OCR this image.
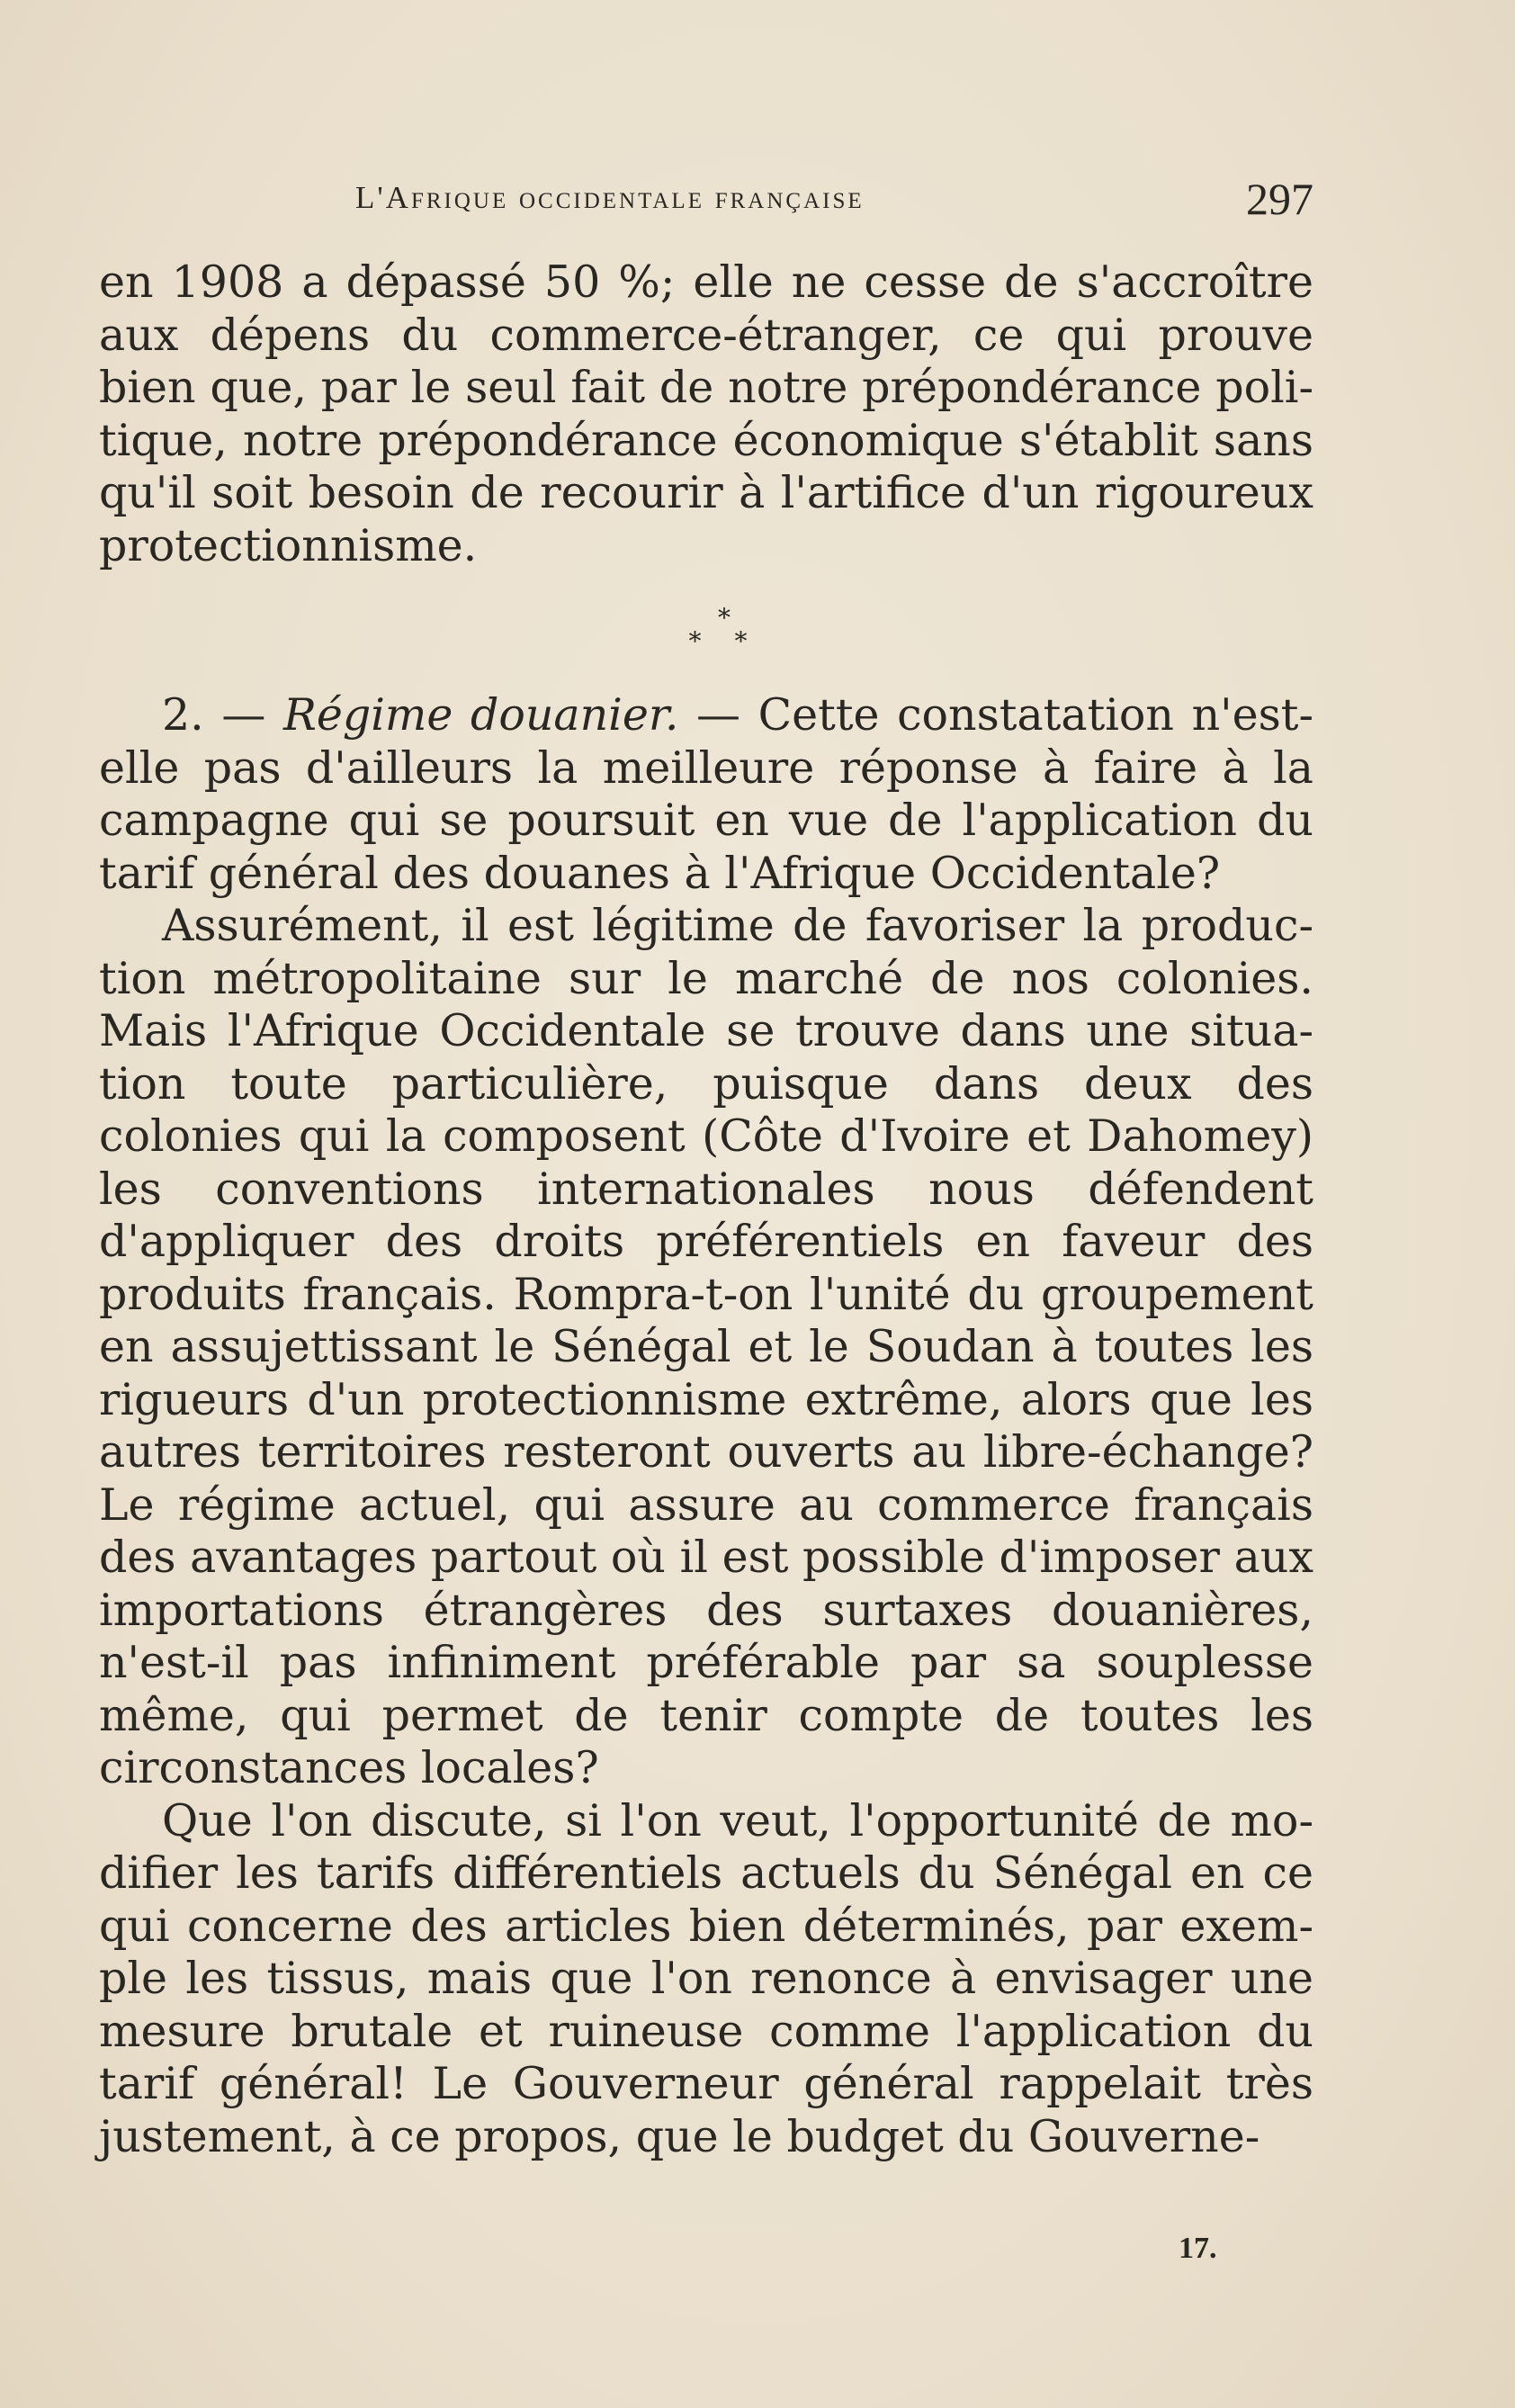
L'Afrique occidentale française	297

en 1908 a dépassé 50 %; elle ne cesse de s'accroître aux dépens du commerce-étranger, ce qui prouve bien que, par le seul fait de notre prépondérance politique, notre prépondérance économique s'établit sans qu'il soit besoin de recourir à l'artifice d'un rigoureux protectionnisme.

*
* *

2. — Régime douanier. — Cette constatation n'est-elle pas d'ailleurs la meilleure réponse à faire à la campagne qui se poursuit en vue de l'application du tarif général des douanes à l'Afrique Occidentale?

Assurément, il est légitime de favoriser la production métropolitaine sur le marché de nos colonies. Mais l'Afrique Occidentale se trouve dans une situation toute particulière, puisque dans deux des colonies qui la composent (Côte d'Ivoire et Dahomey) les conventions internationales nous défendent d'appliquer des droits préférentiels en faveur des produits français. Rompra-t-on l'unité du groupement en assujettissant le Sénégal et le Soudan à toutes les rigueurs d'un protectionnisme extrême, alors que les autres territoires resteront ouverts au libre-échange? Le régime actuel, qui assure au commerce français des avantages partout où il est possible d'imposer aux importations étrangères des surtaxes douanières, n'est-il pas infiniment préférable par sa souplesse même, qui permet de tenir compte de toutes les circonstances locales?

Que l'on discute, si l'on veut, l'opportunité de modifier les tarifs différentiels actuels du Sénégal en ce qui concerne des articles bien déterminés, par exemple les tissus, mais que l'on renonce à envisager une mesure brutale et ruineuse comme l'application du tarif général! Le Gouverneur général rappelait très justement, à ce propos, que le budget du Gouverne-

17.
